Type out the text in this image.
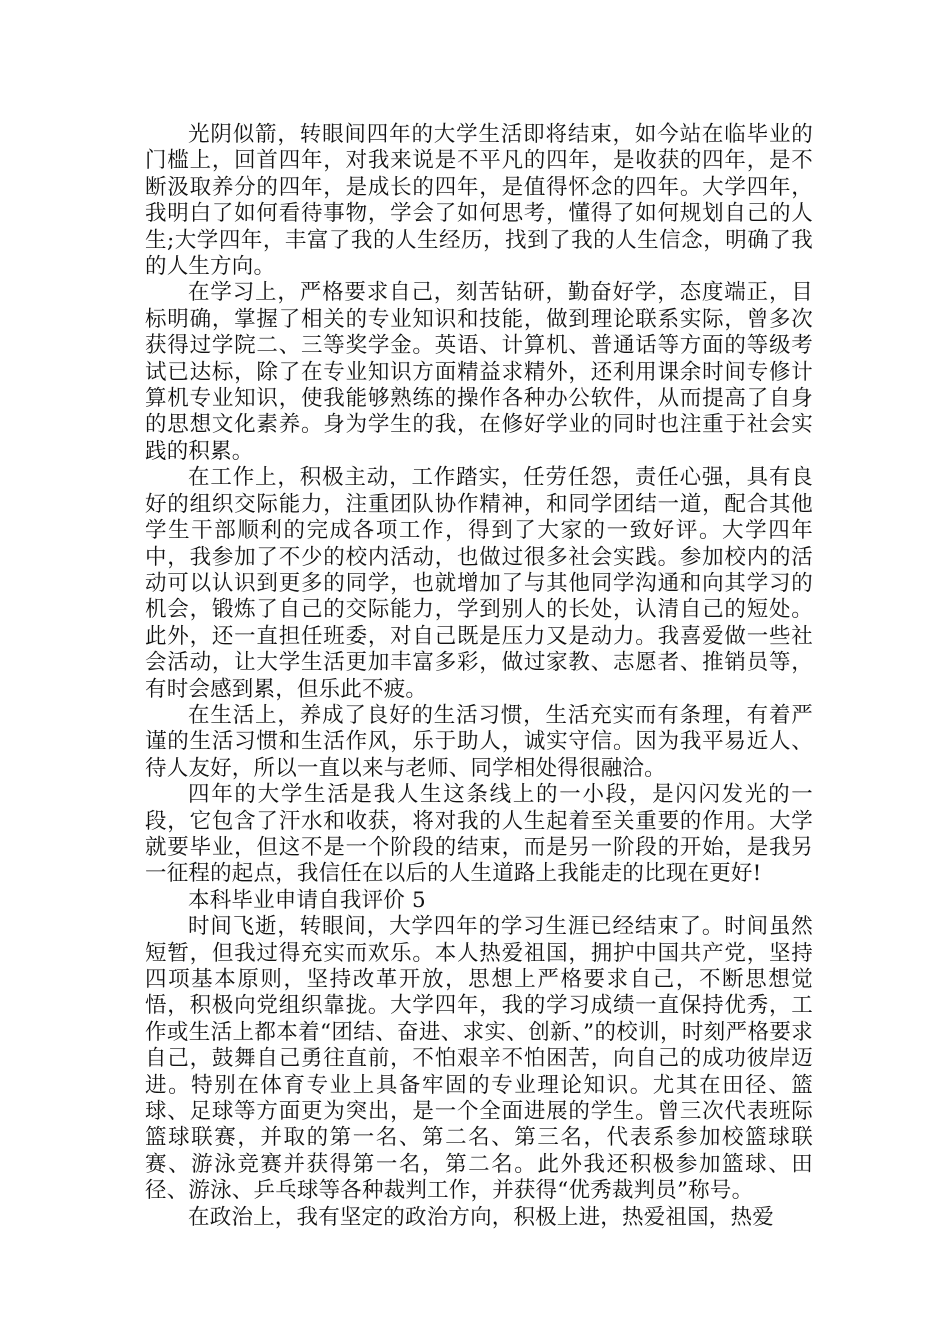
光阴似箭，转眼间四年的大学生活即将结束，如今站在临毕业的门槛上，回首四年，对我来说是不平凡的四年，是收获的四年，是不断汲取养分的四年，是成长的四年，是值得怀念的四年。大学四年，我明白了如何看待事物，学会了如何思考，懂得了如何规划自己的人生;大学四年，丰富了我的人生经历，找到了我的人生信念，明确了我的人生方向。

在学习上，严格要求自己，刻苦钻研，勤奋好学，态度端正，目标明确，掌握了相关的专业知识和技能，做到理论联系实际，曾多次获得过学院二、三等奖学金。英语、计算机、普通话等方面的等级考试已达标，除了在专业知识方面精益求精外，还利用课余时间专修计算机专业知识，使我能够熟练的操作各种办公软件，从而提高了自身的思想文化素养。身为学生的我，在修好学业的同时也注重于社会实践的积累。

在工作上，积极主动，工作踏实，任劳任怨，责任心强，具有良好的组织交际能力，注重团队协作精神，和同学团结一道，配合其他学生干部顺利的完成各项工作，得到了大家的一致好评。大学四年中，我参加了不少的校内活动，也做过很多社会实践。参加校内的活动可以认识到更多的同学，也就增加了与其他同学沟通和向其学习的机会，锻炼了自己的交际能力，学到别人的长处，认清自己的短处。此外，还一直担任班委，对自己既是压力又是动力。我喜爱做一些社会活动，让大学生活更加丰富多彩，做过家教、志愿者、推销员等，有时会感到累，但乐此不疲。

在生活上，养成了良好的生活习惯，生活充实而有条理，有着严谨的生活习惯和生活作风，乐于助人，诚实守信。因为我平易近人、待人友好，所以一直以来与老师、同学相处得很融洽。

四年的大学生活是我人生这条线上的一小段，是闪闪发光的一段，它包含了汗水和收获，将对我的人生起着至关重要的作用。大学就要毕业，但这不是一个阶段的结束，而是另一阶段的开始，是我另一征程的起点，我信任在以后的人生道路上我能走的比现在更好!

本科毕业申请自我评价 5

时间飞逝，转眼间，大学四年的学习生涯已经结束了。时间虽然短暂，但我过得充实而欢乐。本人热爱祖国，拥护中国共产党，坚持四项基本原则，坚持改革开放，思想上严格要求自己，不断思想觉悟，积极向党组织靠拢。大学四年，我的学习成绩一直保持优秀，工作或生活上都本着“团结、奋进、求实、创新、”的校训，时刻严格要求自己，鼓舞自己勇往直前，不怕艰辛不怕困苦，向自己的成功彼岸迈进。特别在体育专业上具备牢固的专业理论知识。尤其在田径、篮球、足球等方面更为突出，是一个全面进展的学生。曾三次代表班际篮球联赛，并取的第一名、第二名、第三名，代表系参加校篮球联赛、游泳竞赛并获得第一名，第二名。此外我还积极参加篮球、田径、游泳、乒乓球等各种裁判工作，并获得“优秀裁判员”称号。

在政治上，我有坚定的政治方向，积极上进，热爱祖国，热爱
